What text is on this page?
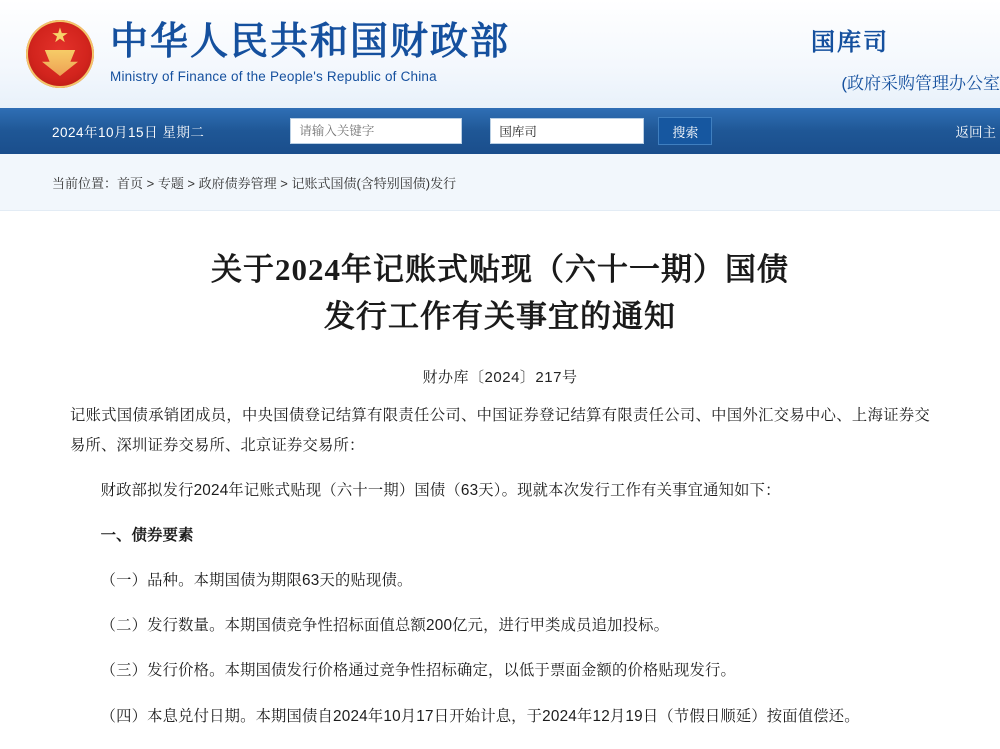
★
中华人民共和国财政部
Ministry of Finance of the People's Republic of China
国库司
(政府采购管理办公室
2024年10月15日 星期二
请输入关键字
国库司	搜索	返回主
当前位置：首页 > 专题 > 政府债券管理 > 记账式国债(含特别国债)发行
关于2024年记账式贴现（六十一期）国债
发行工作有关事宜的通知
财办库〔2024〕217号

记账式国债承销团成员，中央国债登记结算有限责任公司、中国证券登记结算有限责任公司、中国外汇交易中心、上海证券交易所、深圳证券交易所、北京证券交易所：

财政部拟发行2024年记账式贴现（六十一期）国债（63天）。现就本次发行工作有关事宜通知如下：

一、债券要素

（一）品种。本期国债为期限63天的贴现债。

（二）发行数量。本期国债竞争性招标面值总额200亿元，进行甲类成员追加投标。

（三）发行价格。本期国债发行价格通过竞争性招标确定，以低于票面金额的价格贴现发行。

（四）本息兑付日期。本期国债自2024年10月17日开始计息，于2024年12月19日（节假日顺延）按面值偿还。
